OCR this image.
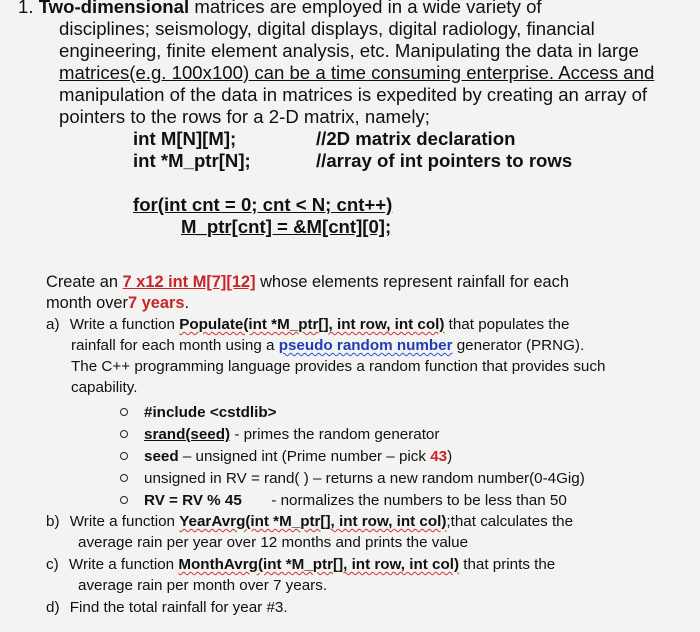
1. Two-dimensional matrices are employed in a wide variety of
disciplines; seismology, digital displays, digital radiology, financial
engineering, finite element analysis, etc. Manipulating the data in large
matrices(e.g. 100x100) can be a time consuming enterprise. Access and
manipulation of the data in matrices is expedited by creating an array of
pointers to the rows for a 2-D matrix, namely;
int M[N][M];	//2D matrix declaration
int *M_ptr[N];	//array of int pointers to rows
for(int cnt = 0; cnt < N; cnt++)
M_ptr[cnt] = &M[cnt][0];
Create an 7 x12 int M[7][12] whose elements represent rainfall for each
month over7 years.
a) Write a function Populate(int *M_ptr[], int row, int col) that populates the
rainfall for each month using a pseudo random number generator (PRNG).
The C++ programming language provides a random function that provides such
capability.
#include <cstdlib>
srand(seed) - primes the random generator
seed – unsigned int (Prime number – pick 43)
unsigned in RV = rand( ) – returns a new random number(0-4Gig)
RV = RV % 45       - normalizes the numbers to be less than 50
b) Write a function YearAvrg(int *M_ptr[], int row, int col);that calculates the
average rain per year over 12 months and prints the value
c) Write a function MonthAvrg(int *M_ptr[], int row, int col) that prints the
average rain per month over 7 years.
d) Find the total rainfall for year #3.
